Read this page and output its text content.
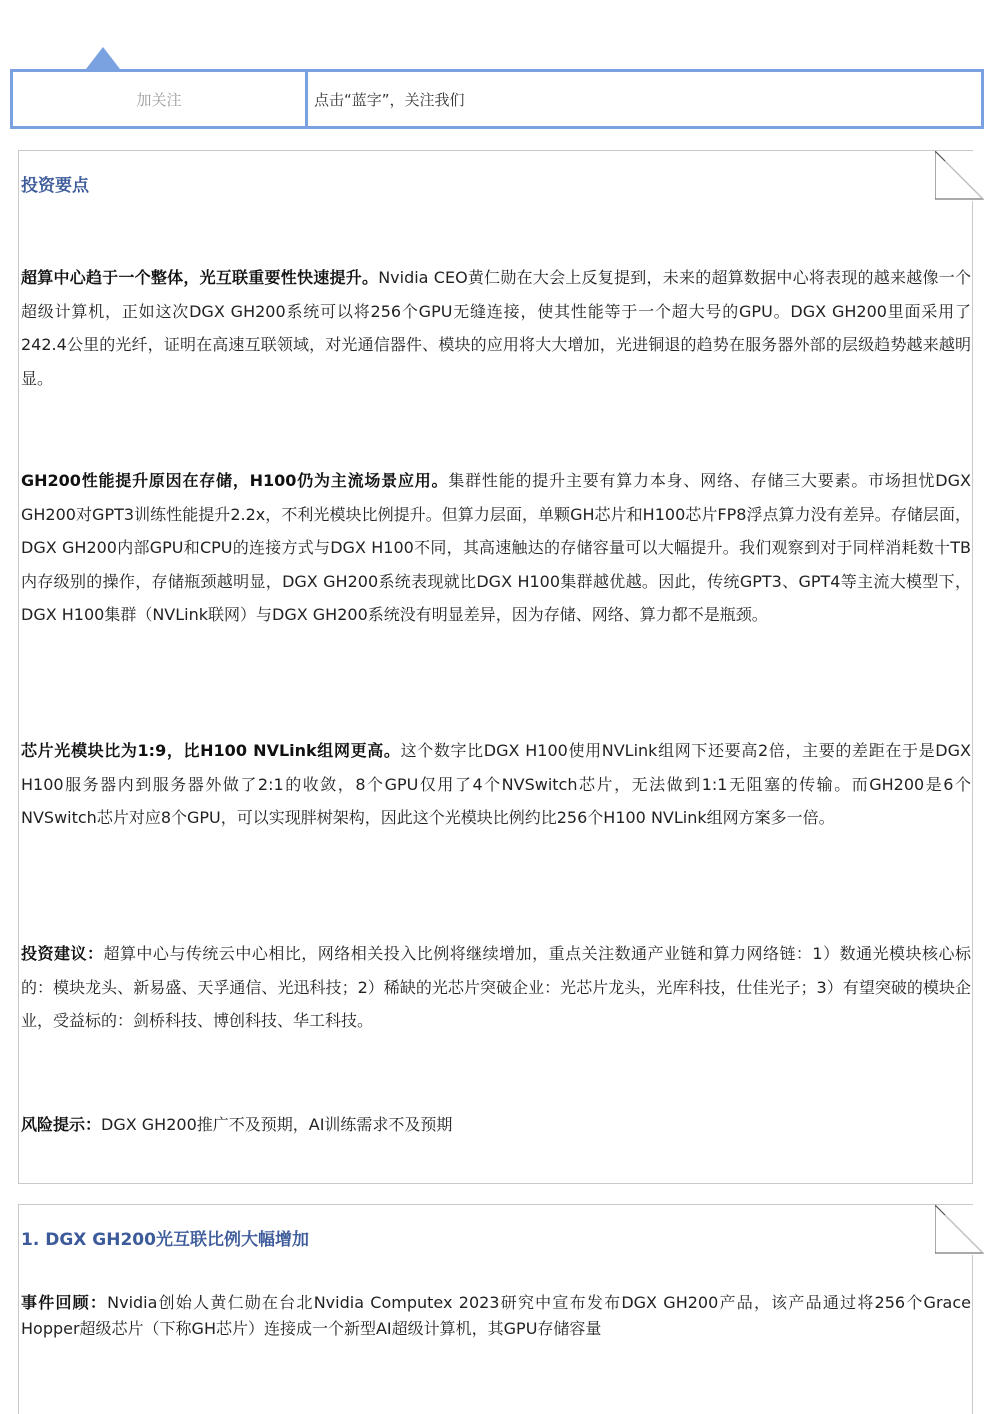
加关注	点击“蓝字”，关注我们
投资要点

超算中心趋于一个整体，光互联重要性快速提升。Nvidia CEO黄仁勋在大会上反复提到，未来的超算数据中心将表现的越来越像一个超级计算机，正如这次DGX GH200系统可以将256个GPU无缝连接，使其性能等于一个超大号的GPU。DGX GH200里面采用了242.4公里的光纤，证明在高速互联领域，对光通信器件、模块的应用将大大增加，光进铜退的趋势在服务器外部的层级趋势越来越明显。

GH200性能提升原因在存储，H100仍为主流场景应用。集群性能的提升主要有算力本身、网络、存储三大要素。市场担忧DGX GH200对GPT3训练性能提升2.2x，不利光模块比例提升。但算力层面，单颗GH芯片和H100芯片FP8浮点算力没有差异。存储层面，DGX GH200内部GPU和CPU的连接方式与DGX H100不同，其高速触达的存储容量可以大幅提升。我们观察到对于同样消耗数十TB内存级别的操作，存储瓶颈越明显，DGX GH200系统表现就比DGX H100集群越优越。因此，传统GPT3、GPT4等主流大模型下，DGX H100集群（NVLink联网）与DGX GH200系统没有明显差异，因为存储、网络、算力都不是瓶颈。

芯片光模块比为1:9，比H100 NVLink组网更高。这个数字比DGX H100使用NVLink组网下还要高2倍，主要的差距在于是DGX H100服务器内到服务器外做了2:1的收敛，8个GPU仅用了4个NVSwitch芯片，无法做到1:1无阻塞的传输。而GH200是6个NVSwitch芯片对应8个GPU，可以实现胖树架构，因此这个光模块比例约比256个H100 NVLink组网方案多一倍。

投资建议：超算中心与传统云中心相比，网络相关投入比例将继续增加，重点关注数通产业链和算力网络链：1）数通光模块核心标的：模块龙头、新易盛、天孚通信、光迅科技；2）稀缺的光芯片突破企业：光芯片龙头，光库科技，仕佳光子；3）有望突破的模块企业，受益标的：剑桥科技、博创科技、华工科技。

风险提示：DGX GH200推广不及预期，AI训练需求不及预期

1. DGX GH200光互联比例大幅增加

事件回顾：Nvidia创始人黄仁勋在台北Nvidia Computex 2023研究中宣布发布DGX GH200产品，该产品通过将256个Grace Hopper超级芯片（下称GH芯片）连接成一个新型AI超级计算机，其GPU存储容量
